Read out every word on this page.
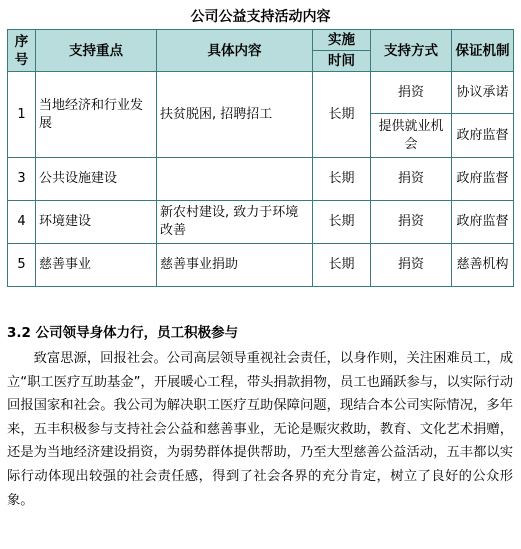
公司公益支持活动内容
序号	支持重点	具体内容	实施	支持方式	保证机制
			时间		
1	当地经济和行业发展	扶贫脱困, 招聘招工	长期	捐资	协议承诺
				提供就业机会	政府监督
3	公共设施建设		长期	捐资	政府监督
4	环境建设	新农村建设, 致力于环境改善	长期	捐资	政府监督
5	慈善事业	慈善事业捐助	长期	捐资	慈善机构
3.2 公司领导身体力行，员工积极参与

致富思源，回报社会。公司高层领导重视社会责任，以身作则，关注困难员工，成立“职工医疗互助基金”，开展暖心工程，带头捐款捐物，员工也踊跃参与，以实际行动回报国家和社会。我公司为解决职工医疗互助保障问题，现结合本公司实际情况，多年来，五丰积极参与支持社会公益和慈善事业，无论是赈灾救助，教育、文化艺术捐赠，还是为当地经济建设捐资，为弱势群体提供帮助，乃至大型慈善公益活动，五丰都以实际行动体现出较强的社会责任感，得到了社会各界的充分肯定，树立了良好的公众形象。
